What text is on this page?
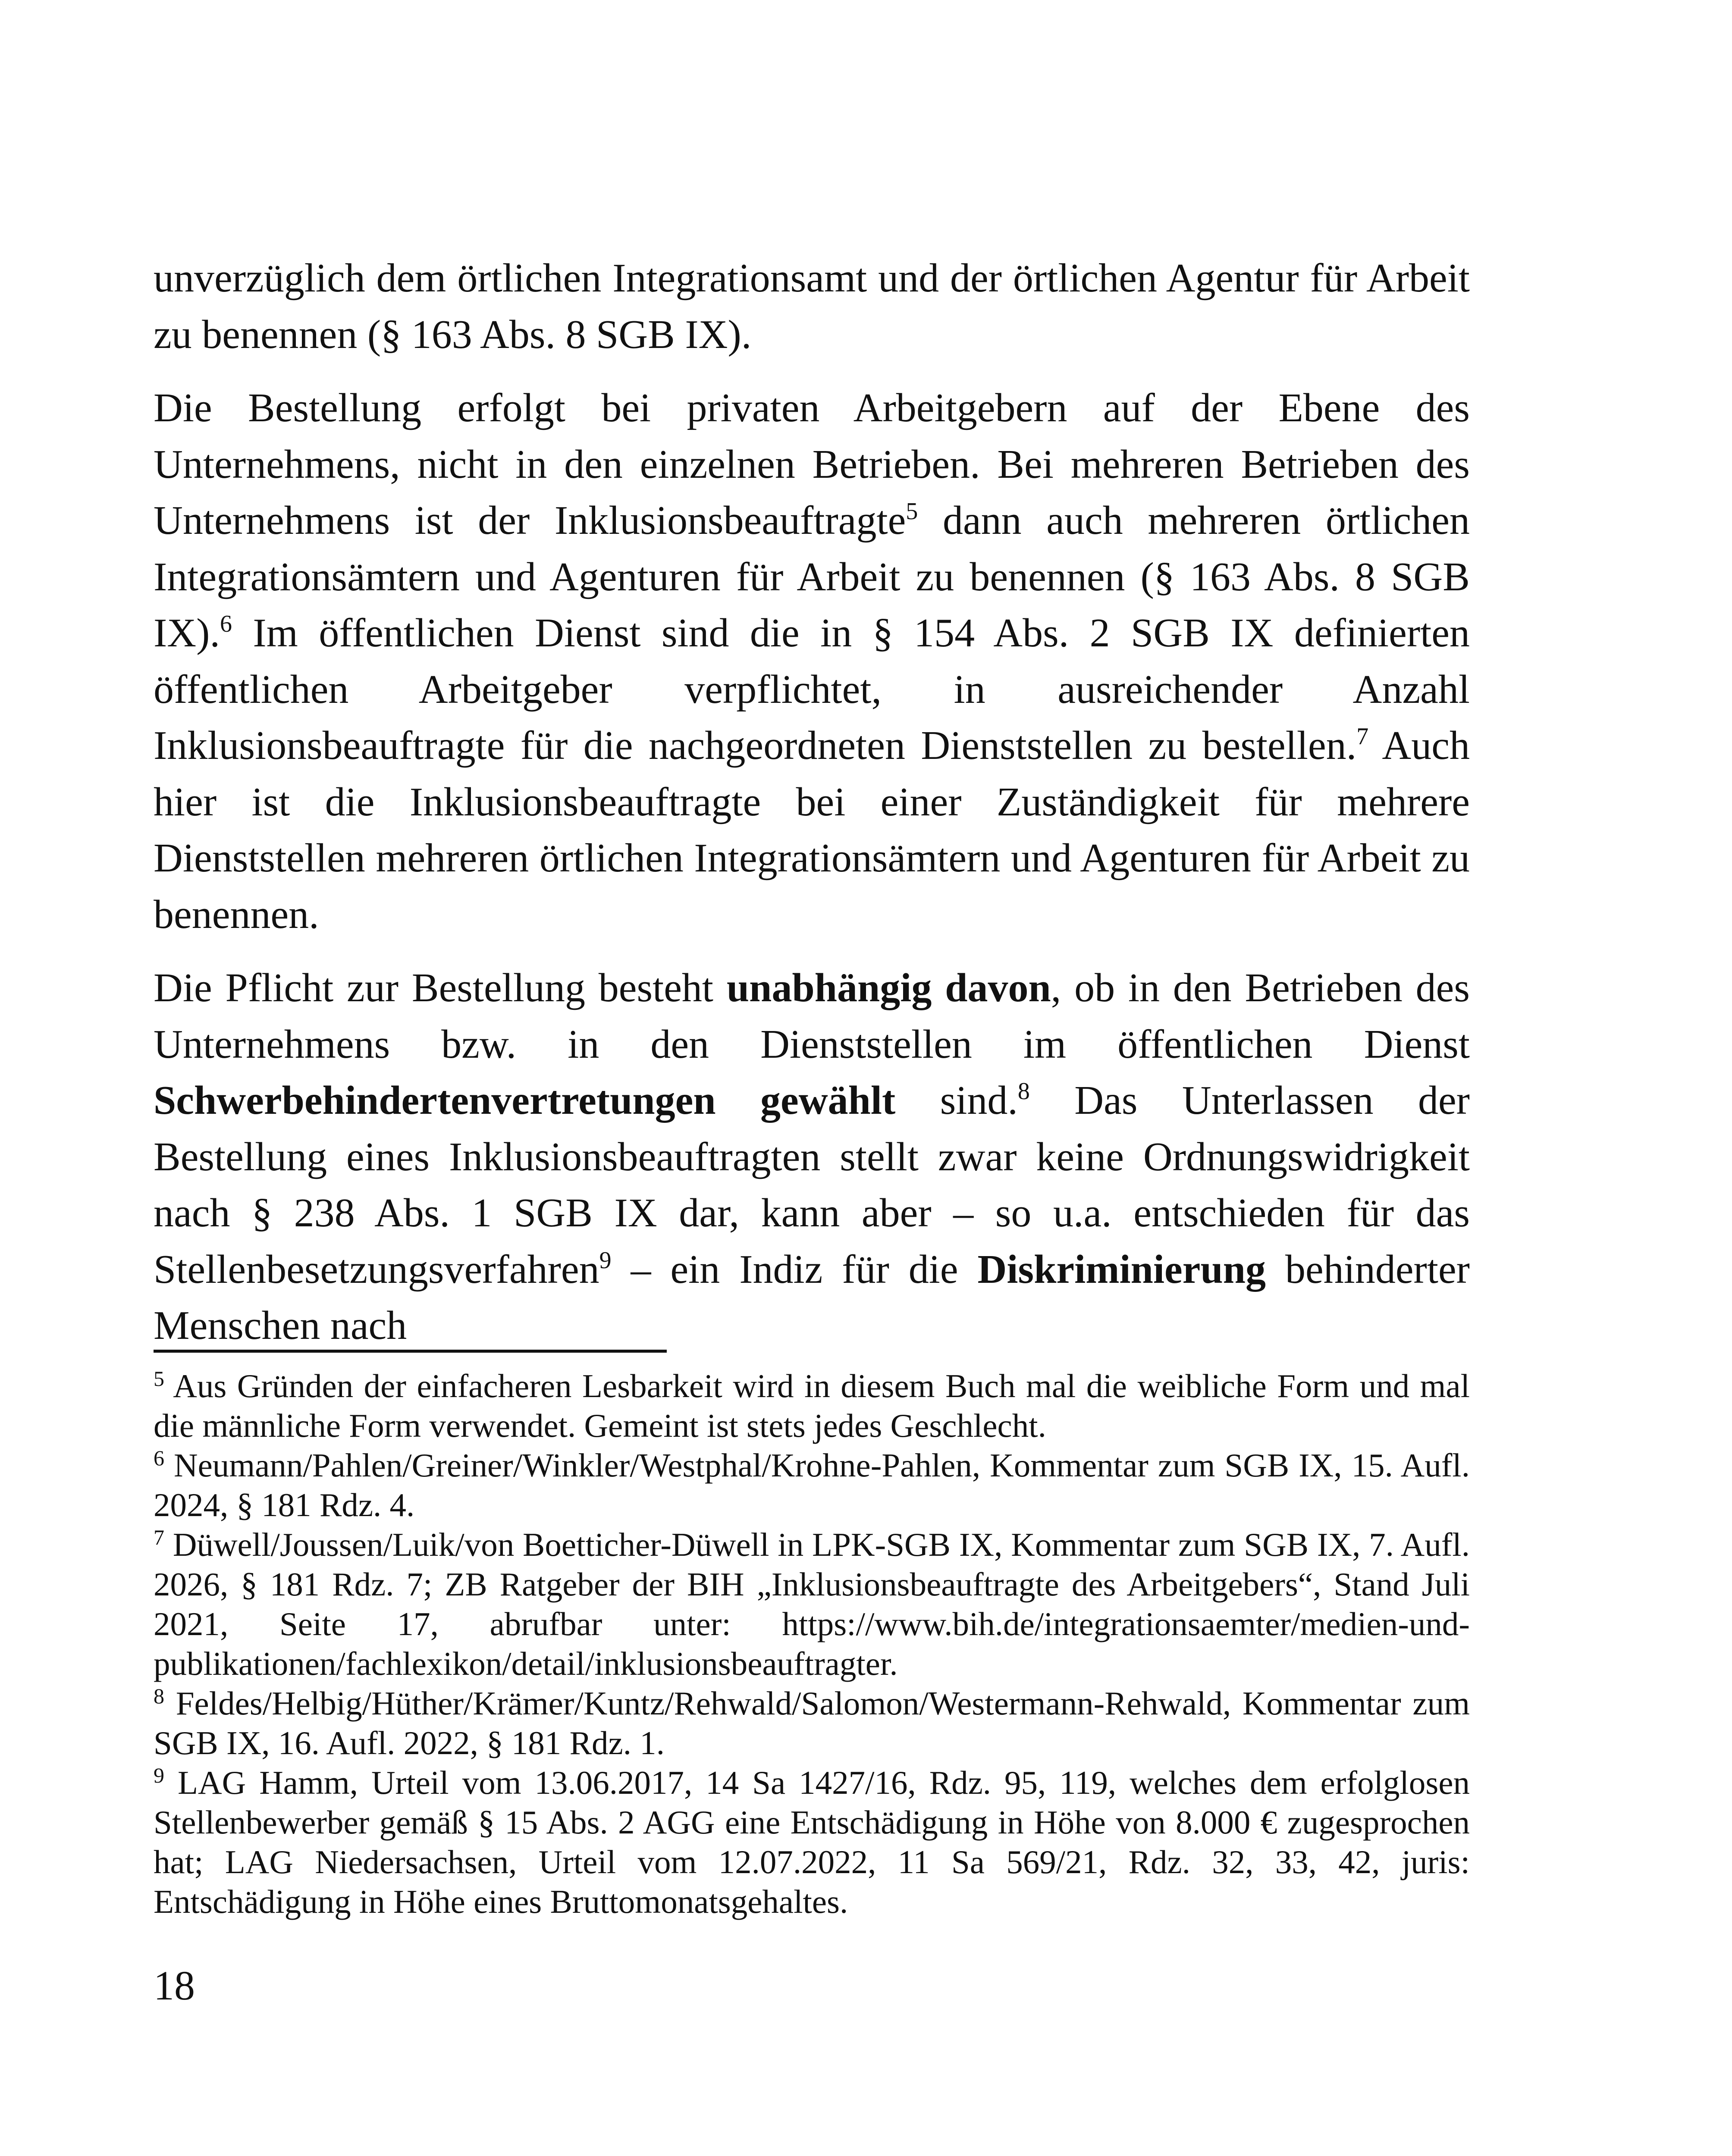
unverzüglich dem örtlichen Integrationsamt und der örtlichen Agentur für Arbeit zu benennen (§ 163 Abs. 8 SGB IX).

Die Bestellung erfolgt bei privaten Arbeitgebern auf der Ebene des Unternehmens, nicht in den einzelnen Betrieben. Bei mehreren Betrieben des Unternehmens ist der Inklusionsbeauftragte$^5$ dann auch mehreren örtlichen Integrationsämtern und Agenturen für Arbeit zu benennen (§ 163 Abs. 8 SGB IX).$^6$ Im öffentlichen Dienst sind die in § 154 Abs. 2 SGB IX definierten öffentlichen Arbeitgeber verpflichtet, in ausreichender Anzahl Inklusionsbeauftragte für die nachgeordneten Dienststellen zu bestellen.$^7$ Auch hier ist die Inklusionsbeauftragte bei einer Zuständigkeit für mehrere Dienststellen mehreren örtlichen Integrationsämtern und Agenturen für Arbeit zu benennen.

Die Pflicht zur Bestellung besteht unabhängig davon, ob in den Betrieben des Unternehmens bzw. in den Dienststellen im öffentlichen Dienst Schwerbehindertenvertretungen gewählt sind.$^8$ Das Unterlassen der Bestellung eines Inklusionsbeauftragten stellt zwar keine Ordnungswidrigkeit nach § 238 Abs. 1 SGB IX dar, kann aber – so u.a. entschieden für das Stellenbesetzungsverfahren$^9$ – ein Indiz für die Diskriminierung behinderter Menschen nach

$^5$ Aus Gründen der einfacheren Lesbarkeit wird in diesem Buch mal die weibliche Form und mal die männliche Form verwendet. Gemeint ist stets jedes Geschlecht.

$^6$ Neumann/Pahlen/Greiner/Winkler/Westphal/Krohne-Pahlen, Kommentar zum SGB IX, 15. Aufl. 2024, § 181 Rdz. 4.

$^7$ Düwell/Joussen/Luik/von Boetticher-Düwell in LPK-SGB IX, Kommentar zum SGB IX, 7. Aufl. 2026, § 181 Rdz. 7; ZB Ratgeber der BIH „Inklusionsbeauftragte des Arbeitgebers“, Stand Juli 2021, Seite 17, abrufbar unter: https://www.bih.de/integrationsaemter/medien-und-publikationen/fachlexikon/detail/inklusionsbeauftragter.

$^8$ Feldes/Helbig/Hüther/Krämer/Kuntz/Rehwald/Salomon/Westermann-Rehwald, Kommentar zum SGB IX, 16. Aufl. 2022, § 181 Rdz. 1.

$^9$ LAG Hamm, Urteil vom 13.06.2017, 14 Sa 1427/16, Rdz. 95, 119, welches dem erfolglosen Stellenbewerber gemäß § 15 Abs. 2 AGG eine Entschädigung in Höhe von 8.000 € zugesprochen hat; LAG Niedersachsen, Urteil vom 12.07.2022, 11 Sa 569/21, Rdz. 32, 33, 42, juris: Entschädigung in Höhe eines Bruttomonatsgehaltes.

18
